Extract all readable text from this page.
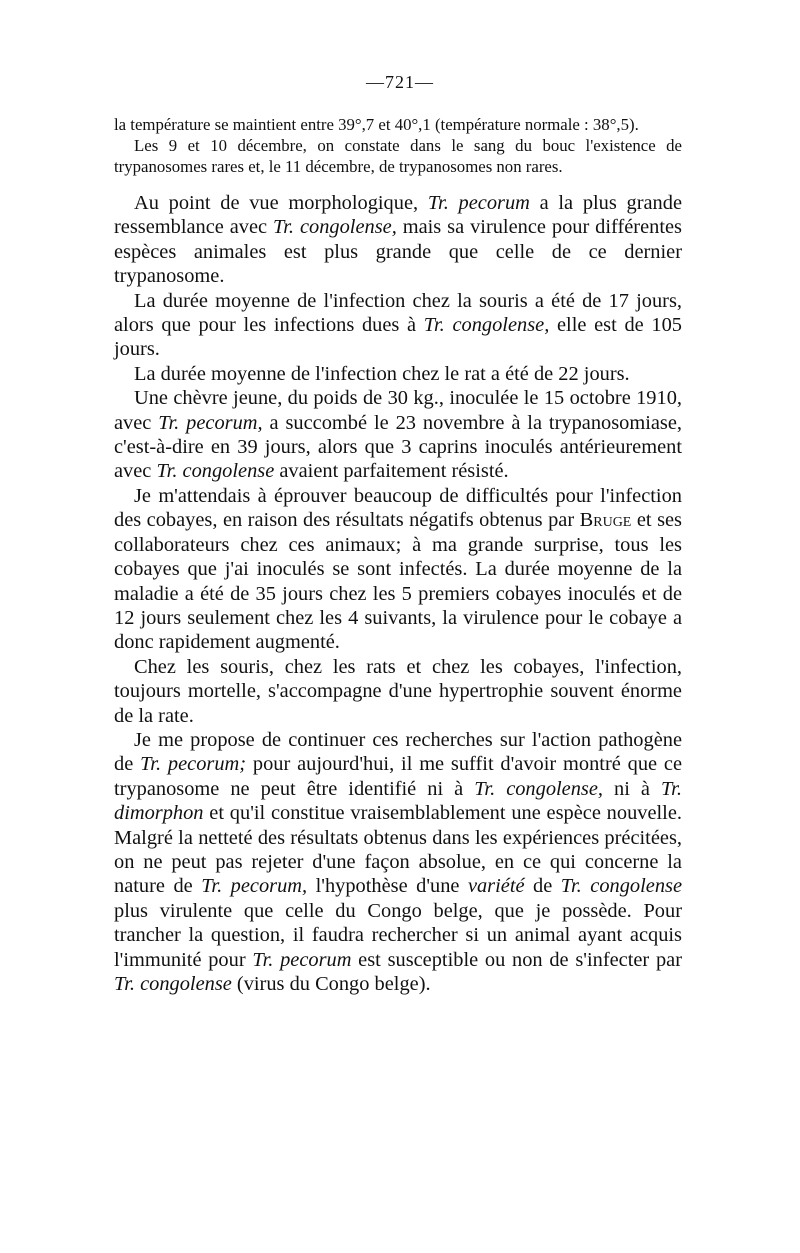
—721—

la température se maintient entre 39°,7 et 40°,1 (température normale : 38°,5).

Les 9 et 10 décembre, on constate dans le sang du bouc l'existence de trypanosomes rares et, le 11 décembre, de trypanosomes non rares.

Au point de vue morphologique, Tr. pecorum a la plus grande ressemblance avec Tr. congolense, mais sa virulence pour différentes espèces animales est plus grande que celle de ce dernier trypanosome.

La durée moyenne de l'infection chez la souris a été de 17 jours, alors que pour les infections dues à Tr. congolense, elle est de 105 jours.

La durée moyenne de l'infection chez le rat a été de 22 jours.

Une chèvre jeune, du poids de 30 kg., inoculée le 15 octobre 1910, avec Tr. pecorum, a succombé le 23 novembre à la trypanosomiase, c'est-à-dire en 39 jours, alors que 3 caprins inoculés antérieurement avec Tr. congolense avaient parfaitement résisté.

Je m'attendais à éprouver beaucoup de difficultés pour l'infection des cobayes, en raison des résultats négatifs obtenus par Bruge et ses collaborateurs chez ces animaux; à ma grande surprise, tous les cobayes que j'ai inoculés se sont infectés. La durée moyenne de la maladie a été de 35 jours chez les 5 premiers cobayes inoculés et de 12 jours seulement chez les 4 suivants, la virulence pour le cobaye a donc rapidement augmenté.

Chez les souris, chez les rats et chez les cobayes, l'infection, toujours mortelle, s'accompagne d'une hypertrophie souvent énorme de la rate.

Je me propose de continuer ces recherches sur l'action pathogène de Tr. pecorum; pour aujourd'hui, il me suffit d'avoir montré que ce trypanosome ne peut être identifié ni à Tr. congolense, ni à Tr. dimorphon et qu'il constitue vraisemblablement une espèce nouvelle. Malgré la netteté des résultats obtenus dans les expériences précitées, on ne peut pas rejeter d'une façon absolue, en ce qui concerne la nature de Tr. pecorum, l'hypothèse d'une variété de Tr. congolense plus virulente que celle du Congo belge, que je possède. Pour trancher la question, il faudra rechercher si un animal ayant acquis l'immunité pour Tr. pecorum est susceptible ou non de s'infecter par Tr. congolense (virus du Congo belge).
